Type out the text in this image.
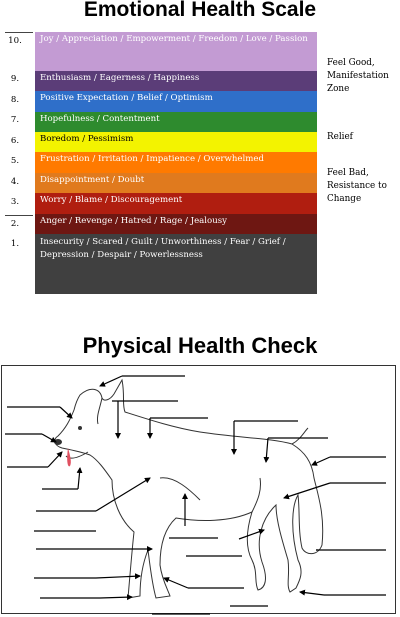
Emotional Health Scale
Joy / Appreciation / Empowerment / Freedom / Love / Passion
Enthusiasm / Eagerness / Happiness
Positive Expectation / Belief / Optimism
Hopefulness / Contentment
Boredom / Pessimism
Frustration / Irritation / Impatience / Overwhelmed
Disappointment / Doubt
Worry / Blame / Discouragement
Anger / Revenge / Hatred / Rage / Jealousy
Insecurity / Scared / Guilt / Unworthiness / Fear / Grief / Depression / Despair / Powerlessness
10.
9.
8.
7.
6.
5.
4.
3.
2.
1.
Feel Good,
Manifestation
Zone
Relief
Feel Bad,
Resistance to
Change
Physical Health Check
